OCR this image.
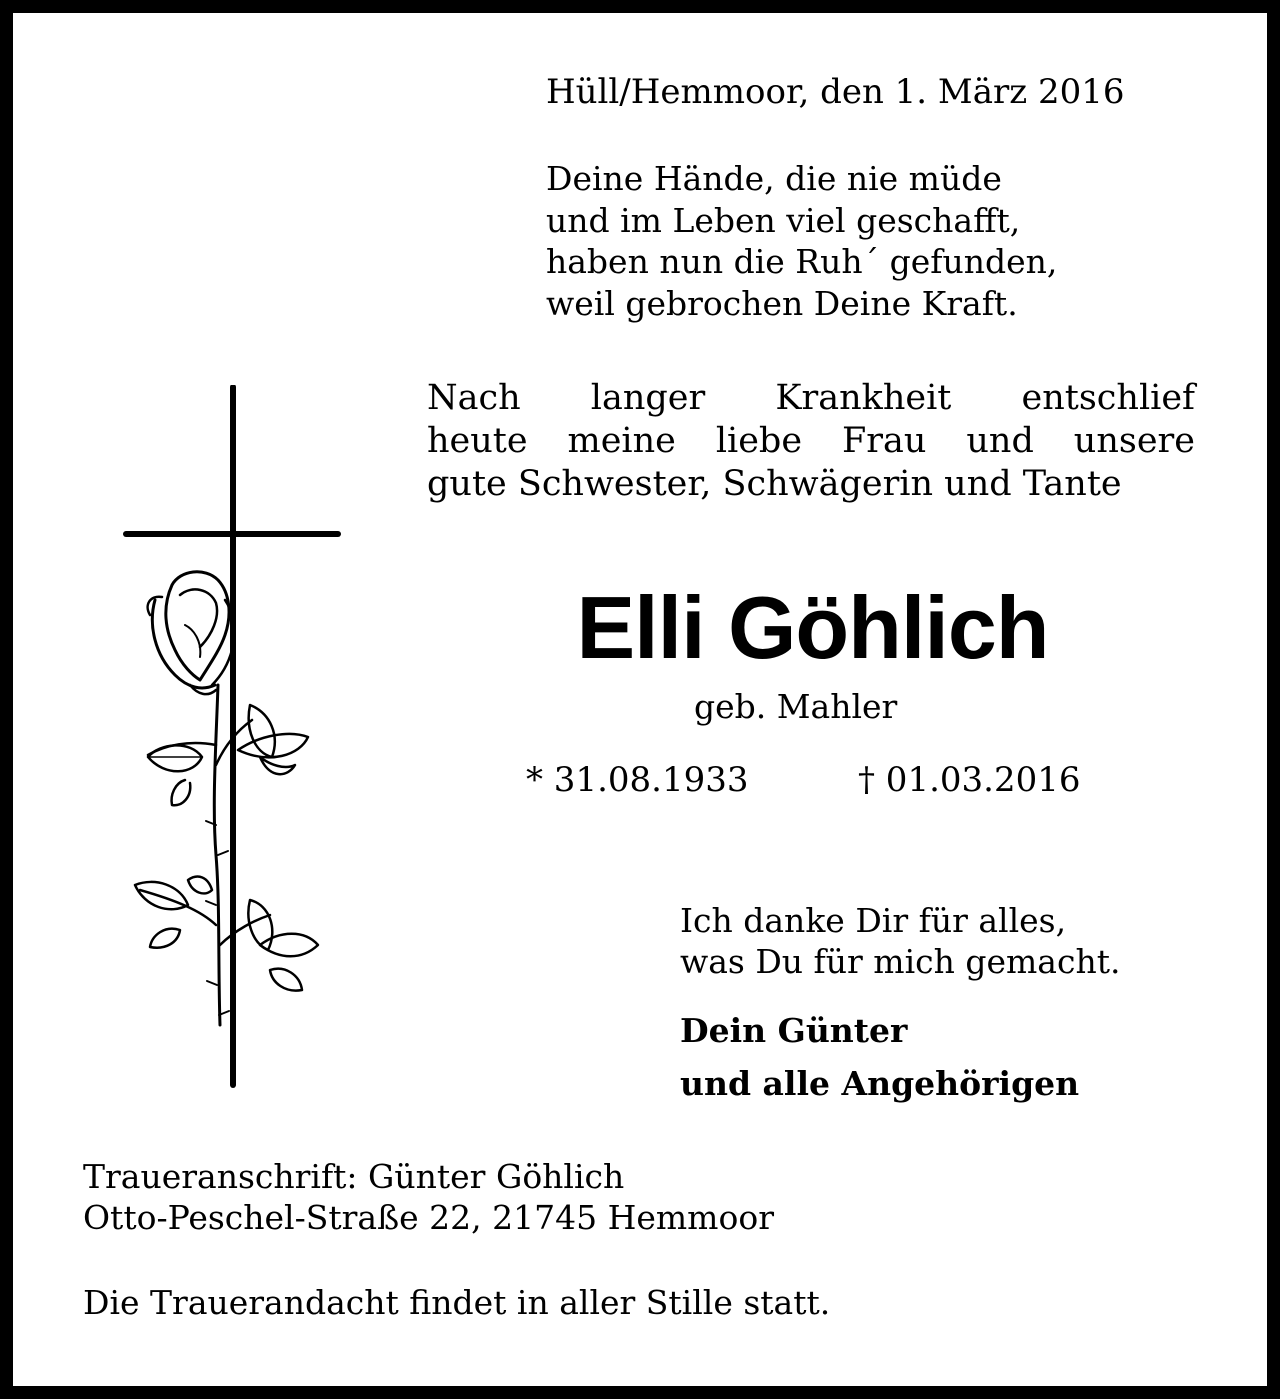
Hüll/Hemmoor, den 1. März 2016

Deine Hände, die nie müde
und im Leben viel geschafft,
haben nun die Ruh´ gefunden,
weil gebrochen Deine Kraft.
Nach langer Krankheit entschlief
heute meine liebe Frau und unsere
gute Schwester, Schwägerin und Tante
Elli Göhlich

geb. Mahler

* 31.08.1933	† 01.03.2016

Ich danke Dir für alles,
was Du für mich gemacht.
Dein Günter
und alle Angehörigen
Traueranschrift: Günter Göhlich
Otto-Peschel-Straße 22, 21745 Hemmoor

Die Trauerandacht findet in aller Stille statt.
